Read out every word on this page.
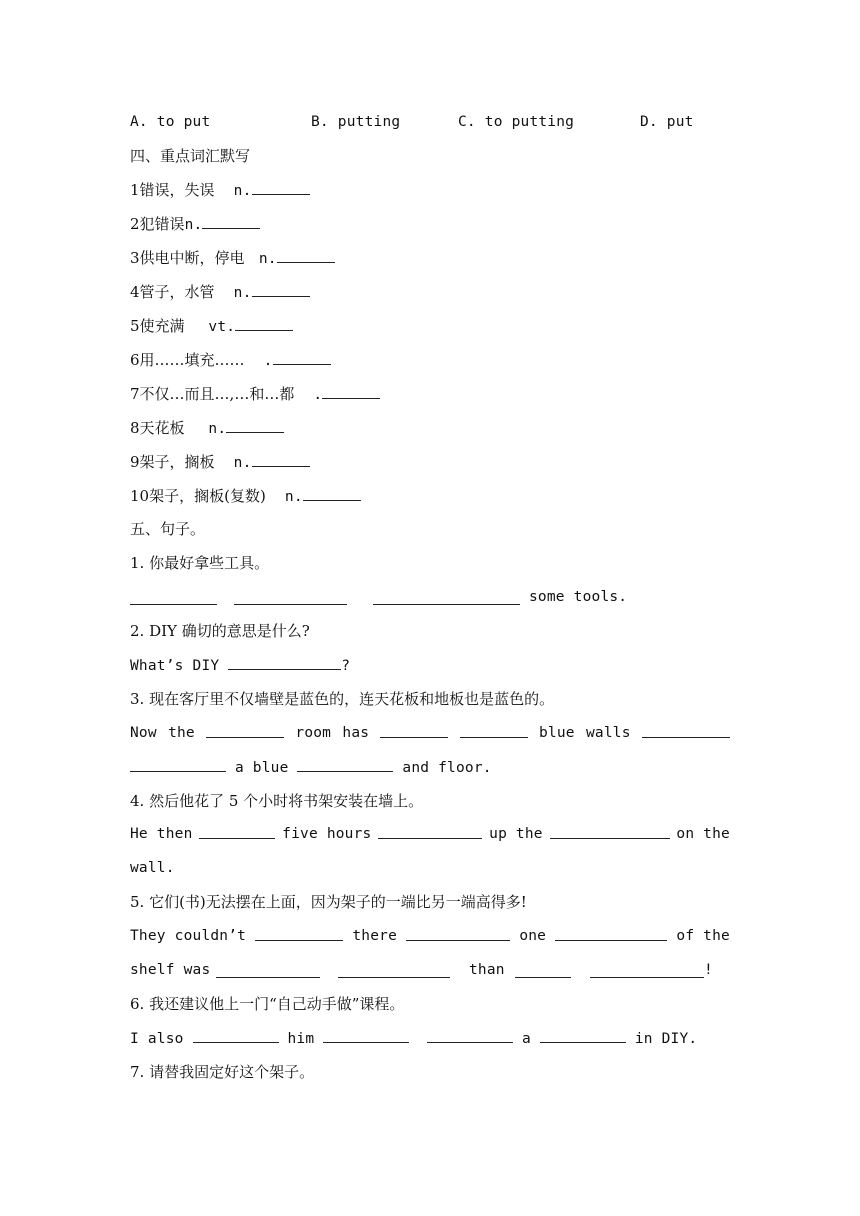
A. to put	B. putting	C. to putting	D. put
四、重点词汇默写
1错误，失误 n.
2犯错误n.
3供电中断，停电 n.
4管子，水管 n.
5使充满 vt.
6用……填充…… .
7不仅…而且…,…和…都 .
8天花板 n.
9架子，搁板 n.
10架子，搁板(复数) n.
五、句子。
1. 你最好拿些工具。
some tools.
2. DIY 确切的意思是什么?
What’s DIY	?
3. 现在客厅里不仅墙壁是蓝色的，连天花板和地板也是蓝色的。
Now the	room has	blue walls
a blue	and floor.
4. 然后他花了 5 个小时将书架安装在墙上。
He then	five hours	up the	on the
wall.
5. 它们(书)无法摆在上面，因为架子的一端比另一端高得多!
They couldn’t	there	one	of the
shelf was	than	!
6. 我还建议他上一门“自己动手做”课程。
I also	him	a	in DIY.
7. 请替我固定好这个架子。
